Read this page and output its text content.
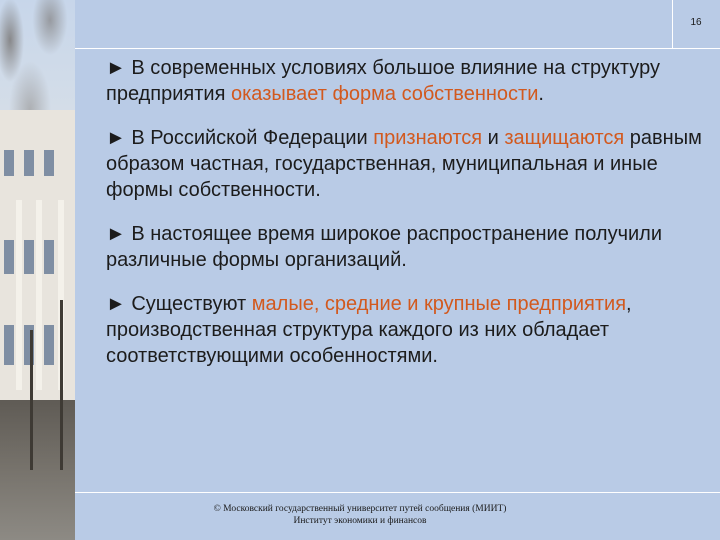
16

► В современных условиях большое влияние на структуру предприятия оказывает форма собственности.

► В Российской Федерации признаются и защищаются равным образом частная, государственная, муниципальная и иные формы собственности.

► В настоящее время широкое распространение получили различные формы организаций.

► Существуют малые, средние и крупные предприятия, производственная структура каждого из них обладает соответствующими особенностями.

© Московский государственный университет путей сообщения (МИИТ)
Институт экономики и финансов
